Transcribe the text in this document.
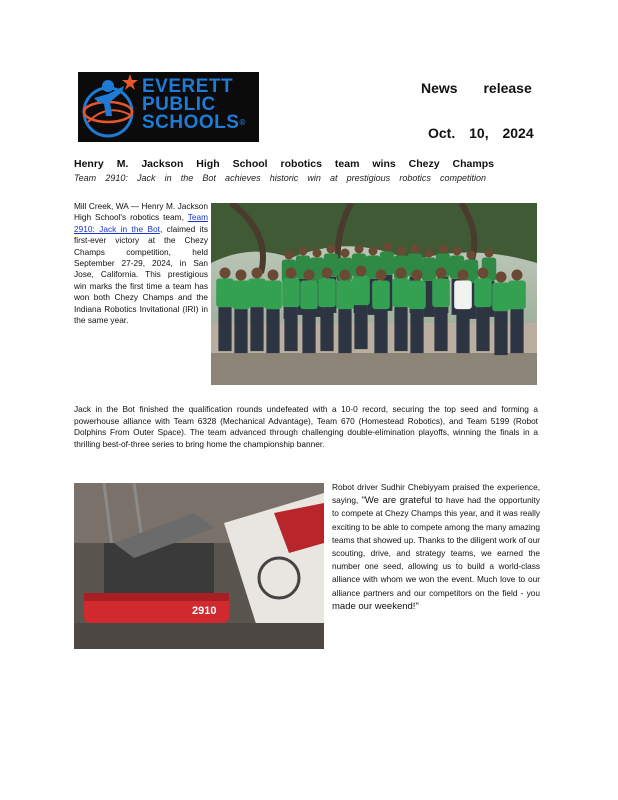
EVERETT
PUBLIC
SCHOOLS®
News release
Oct. 10, 2024
Henry M. Jackson High School robotics team wins Chezy Champs
Team 2910: Jack in the Bot achieves historic win at prestigious robotics competition
Mill Creek, WA — Henry M. Jackson High School's robotics team, Team 2910: Jack in the Bot, claimed its first-ever victory at the Chezy Champs competition, held September 27-29, 2024, in San Jose, California. This prestigious win marks the first time a team has won both Chezy Champs and the Indiana Robotics Invitational (IRI) in the same year.
Jack in the Bot finished the qualification rounds undefeated with a 10-0 record, securing the top seed and forming a powerhouse alliance with Team 6328 (Mechanical Advantage), Team 670 (Homestead Robotics), and Team 5199 (Robot Dolphins From Outer Space). The team advanced through challenging double-elimination playoffs, winning the finals in a thrilling best-of-three series to bring home the championship banner.
2910
Robot driver Sudhir Chebiyyam praised the experience, saying, "We are grateful to have had the opportunity to compete at Chezy Champs this year, and it was really exciting to be able to compete among the many amazing teams that showed up. Thanks to the diligent work of our scouting, drive, and strategy teams, we earned the number one seed, allowing us to build a world-class alliance with whom we won the event. Much love to our alliance partners and our competitors on the field - you made our weekend!"
